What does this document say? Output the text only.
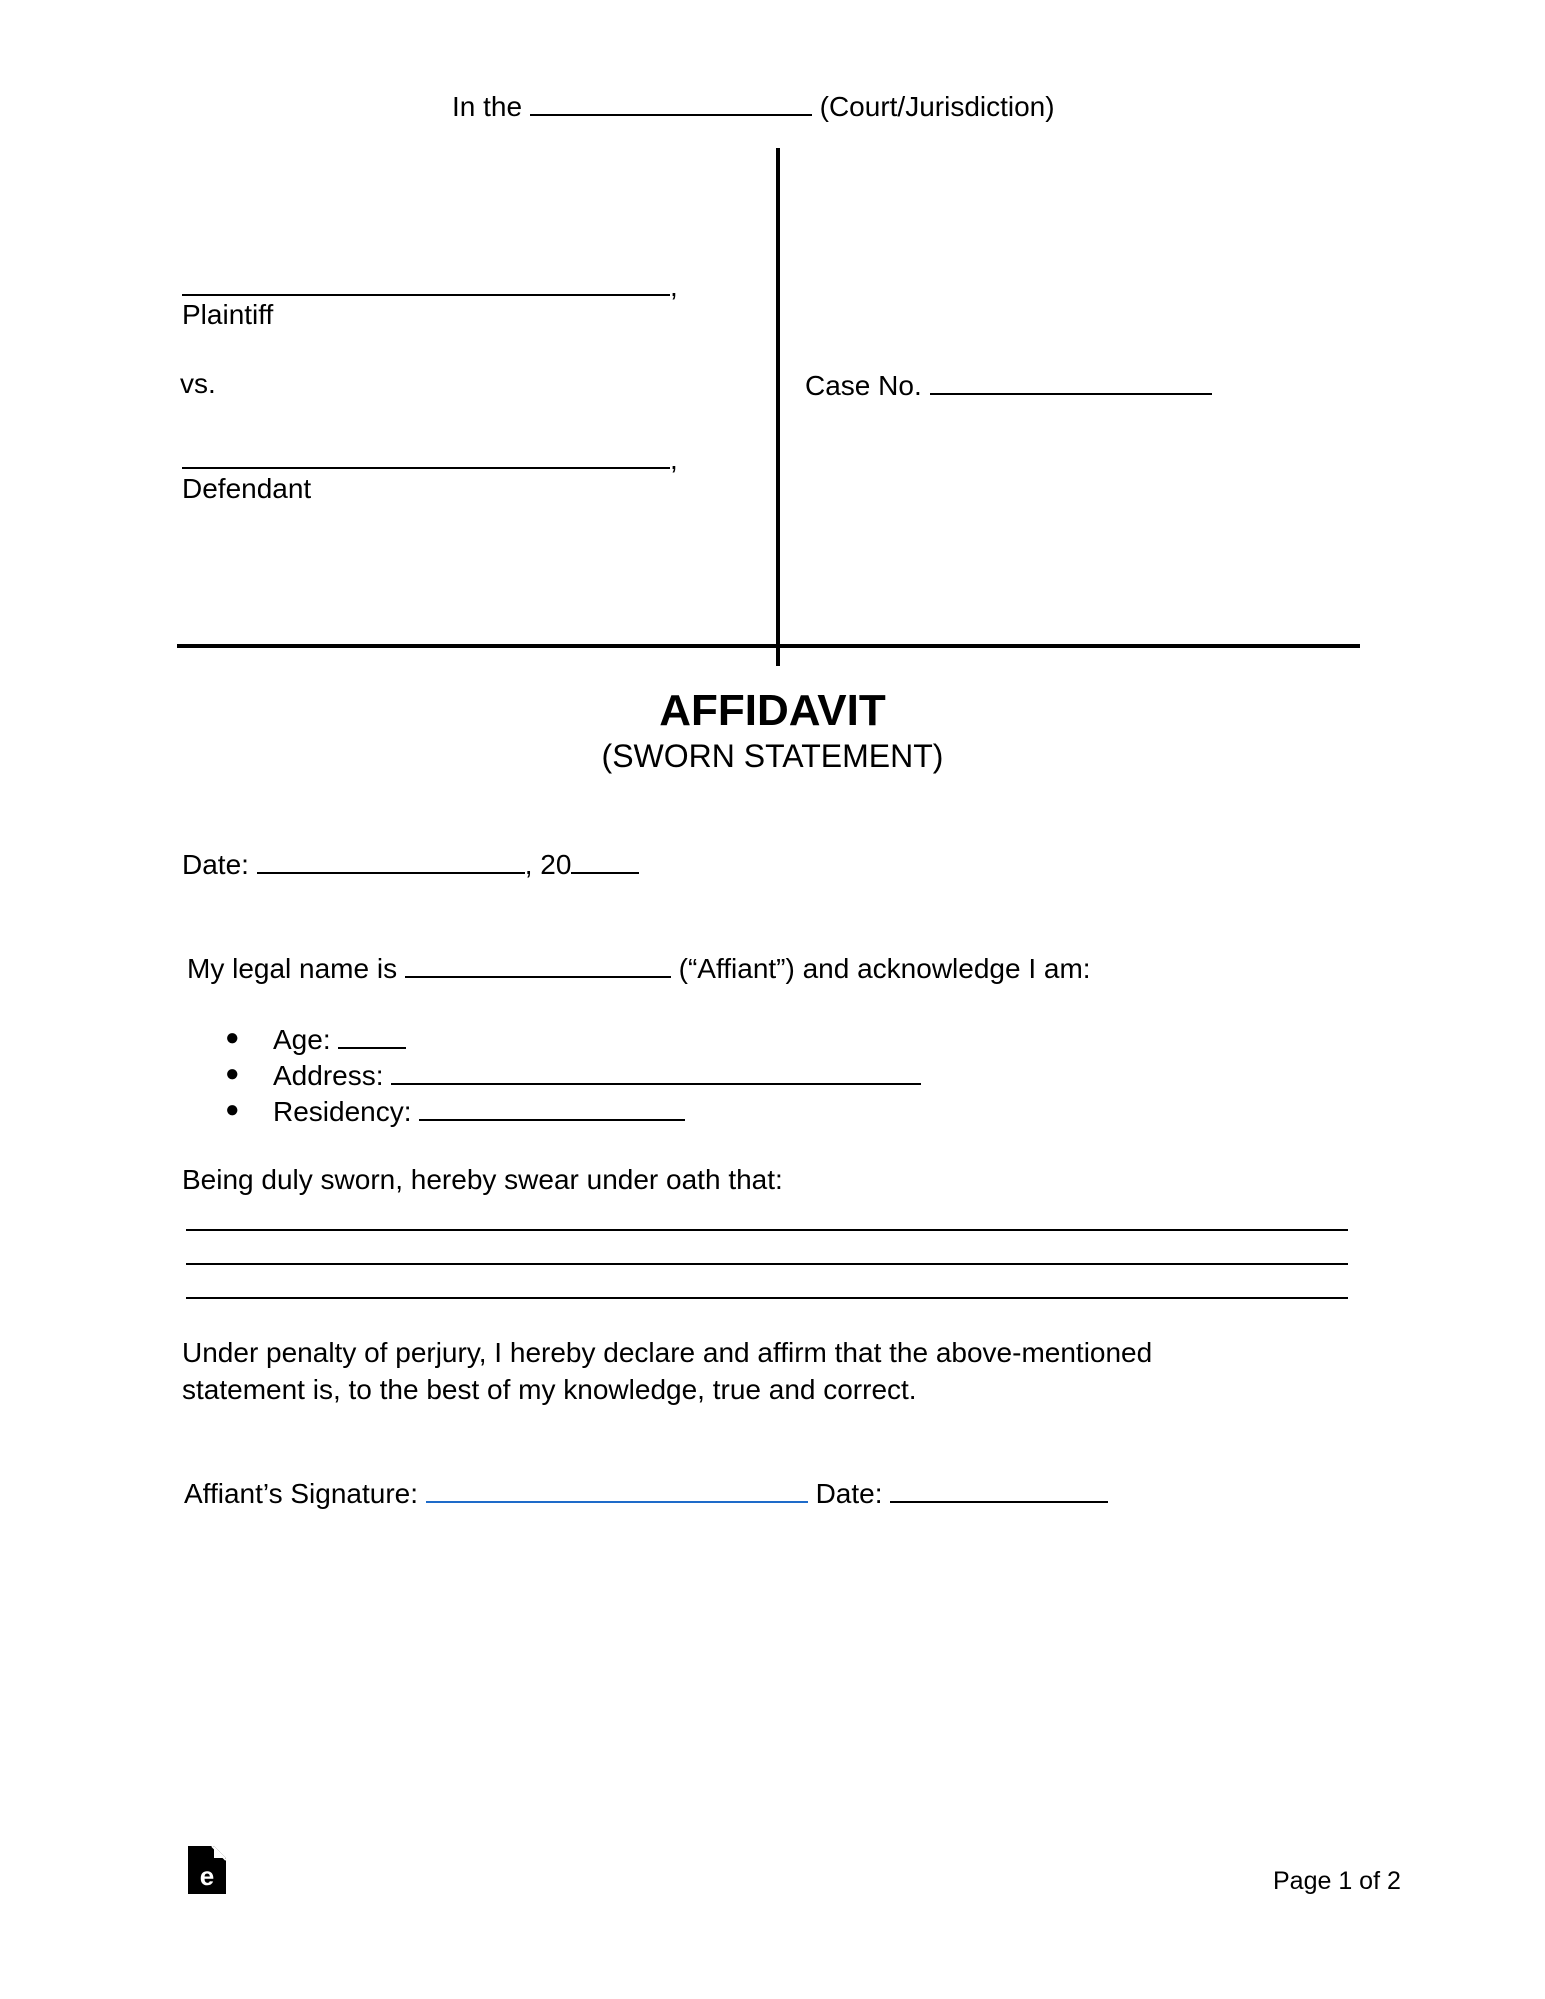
In the	(Court/Jurisdiction)
,
Plaintiff
vs.
,
Defendant
Case No.
AFFIDAVIT
(SWORN STATEMENT)
Date:	, 20
My legal name is	(“Affiant”) and acknowledge I am:
● Age:
● Address:
● Residency:
Being duly sworn, hereby swear under oath that:
Under penalty of perjury, I hereby declare and affirm that the above-mentioned
statement is, to the best of my knowledge, true and correct.
Affiant’s Signature:	Date:
e	Page 1 of 2
